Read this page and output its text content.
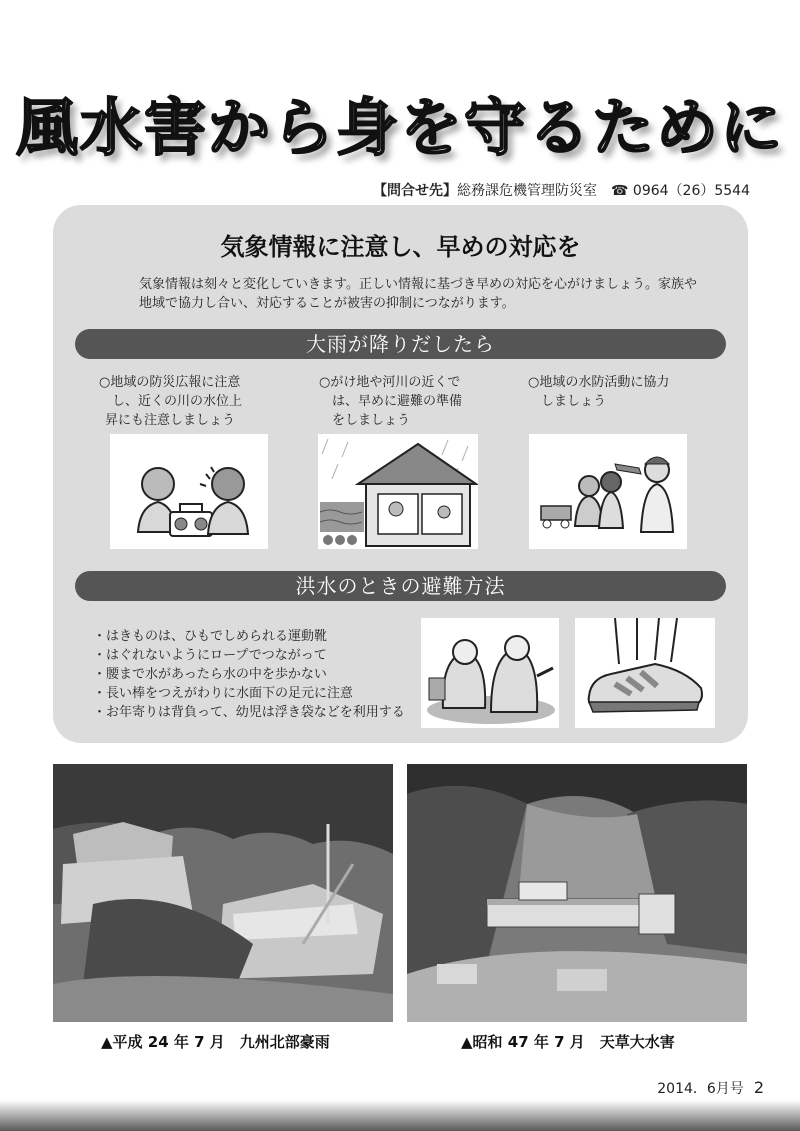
風水害から身を守るために
【問合せ先】総務課危機管理防災室 ☎ 0964（26）5544
気象情報に注意し、早めの対応を
気象情報は刻々と変化していきます。正しい情報に基づき早めの対応を心がけましょう。家族や地域で協力し合い、対応することが被害の抑制につながります。
大雨が降りだしたら
○地域の防災広報に注意
し、近くの川の水位上
昇にも注意しましょう
○がけ地や河川の近くで
は、早めに避難の準備
をしましょう
○地域の水防活動に協力
しましょう
洪水のときの避難方法
・ はきものは、ひもでしめられる運動靴
・ はぐれないようにロープでつながって
・ 腰まで水があったら水の中を歩かない
・ 長い棒をつえがわりに水面下の足元に注意
・ お年寄りは背負って、幼児は浮き袋などを利用する
▲平成 24 年 7 月　九州北部豪雨	▲昭和 47 年 7 月　天草大水害
2014．6月号 2
